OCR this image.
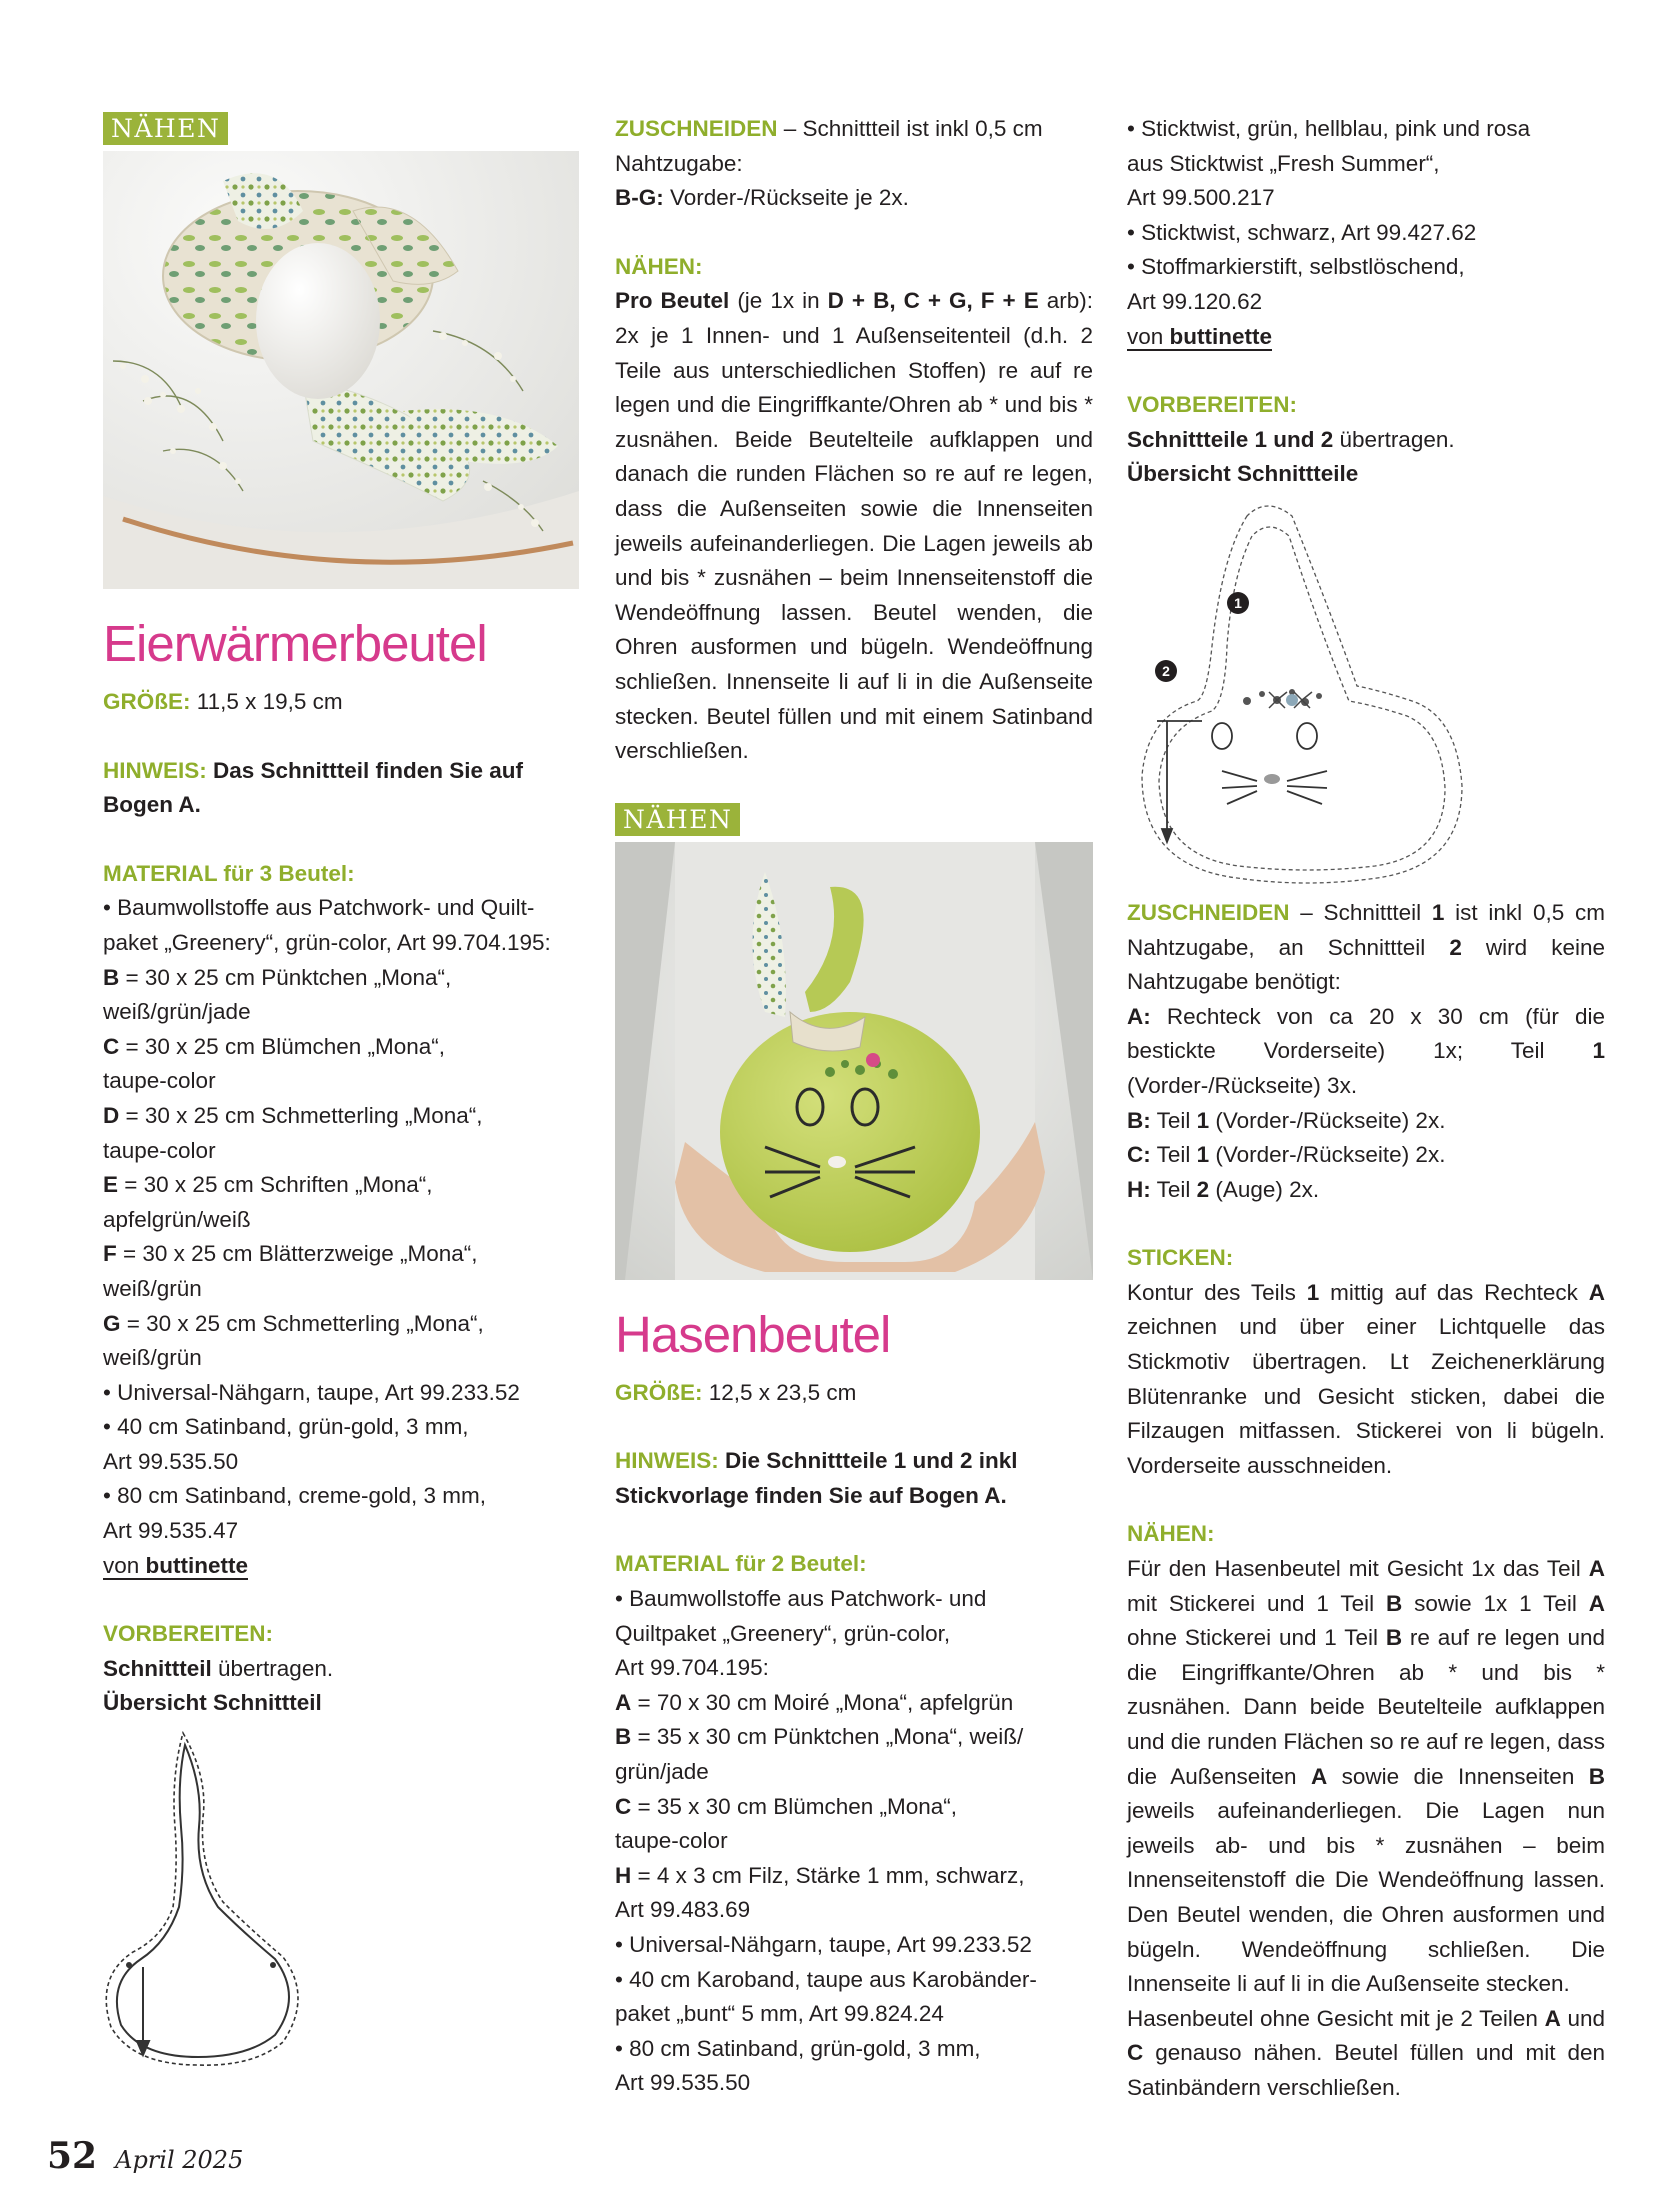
NÄHEN
Eierwärmerbeutel

GRÖßE: 11,5 x 19,5 cm

HINWEIS: Das Schnittteil finden Sie auf
Bogen A.

MATERIAL für 3 Beutel:

• Baumwollstoffe aus Patchwork- und Quilt-

paket „Greenery“, grün-color, Art 99.704.195:

B = 30 x 25 cm Pünktchen „Mona“,
weiß/grün/jade

C = 30 x 25 cm Blümchen „Mona“,
taupe-color

D = 30 x 25 cm Schmetterling „Mona“,
taupe-color

E = 30 x 25 cm Schriften „Mona“,
apfelgrün/weiß

F = 30 x 25 cm Blätterzweige „Mona“,
weiß/grün

G = 30 x 25 cm Schmetterling „Mona“,
weiß/grün

• Universal-Nähgarn, taupe, Art 99.233.52

• 40 cm Satinband, grün-gold, 3 mm,

Art 99.535.50

• 80 cm Satinband, creme-gold, 3 mm,

Art 99.535.47

von buttinette

VORBEREITEN:

Schnittteil übertragen.

Übersicht Schnittteil

ZUSCHNEIDEN – Schnittteil ist inkl 0,5 cm
Nahtzugabe:
B-G: Vorder-/Rückseite je 2x.

NÄHEN:

Pro Beutel (je 1x in D + B, C + G, F + E arb): 2x je 1 Innen- und 1 Außenseitenteil (d.h. 2 Teile aus unterschiedlichen Stoffen) re auf re legen und die Eingriffkante/Ohren ab * und bis * zusnähen. Beide Beutelteile aufklappen und danach die runden Flächen so re auf re legen, dass die Außenseiten sowie die Innenseiten jeweils aufeinanderliegen. Die Lagen jeweils ab und bis * zusnähen – beim Innenseitenstoff die Wendeöffnung lassen. Beutel wenden, die Ohren ausformen und bügeln. Wendeöffnung schließen. Innenseite li auf li in die Außenseite stecken. Beutel füllen und mit einem Satinband verschließen.

NÄHEN
Hasenbeutel

GRÖßE: 12,5 x 23,5 cm

HINWEIS: Die Schnittteile 1 und 2 inkl
Stickvorlage finden Sie auf Bogen A.

MATERIAL für 2 Beutel:

• Baumwollstoffe aus Patchwork- und

Quiltpaket „Greenery“, grün-color,

Art 99.704.195:

A = 70 x 30 cm Moiré „Mona“, apfelgrün

B = 35 x 30 cm Pünktchen „Mona“, weiß/
grün/jade

C = 35 x 30 cm Blümchen „Mona“,
taupe-color

H = 4 x 3 cm Filz, Stärke 1 mm, schwarz,
Art 99.483.69

• Universal-Nähgarn, taupe, Art 99.233.52

• 40 cm Karoband, taupe aus Karobänder-

paket „bunt“ 5 mm, Art 99.824.24

• 80 cm Satinband, grün-gold, 3 mm,

Art 99.535.50

• Sticktwist, grün, hellblau, pink und rosa

aus Sticktwist „Fresh Summer“,

Art 99.500.217

• Sticktwist, schwarz, Art 99.427.62

• Stoffmarkierstift, selbstlöschend,

Art 99.120.62

von buttinette

VORBEREITEN:

Schnittteile 1 und 2 übertragen.

Übersicht Schnittteile

1
2

ZUSCHNEIDEN – Schnittteil 1 ist inkl 0,5 cm Nahtzugabe, an Schnittteil 2 wird keine Nahtzugabe benötigt:
A: Rechteck von ca 20 x 30 cm (für die bestickte Vorderseite) 1x; Teil 1 (Vorder-/Rückseite) 3x.
B: Teil 1 (Vorder-/Rückseite) 2x.
C: Teil 1 (Vorder-/Rückseite) 2x.
H: Teil 2 (Auge) 2x.

STICKEN:

Kontur des Teils 1 mittig auf das Rechteck A zeichnen und über einer Lichtquelle das Stickmotiv übertragen. Lt Zeichenerklärung Blütenranke und Gesicht sticken, dabei die Filzaugen mitfassen. Stickerei von li bügeln. Vorderseite ausschneiden.

NÄHEN:

Für den Hasenbeutel mit Gesicht 1x das Teil A mit Stickerei und 1 Teil B sowie 1x 1 Teil A ohne Stickerei und 1 Teil B re auf re legen und die Eingriffkante/Ohren ab * und bis * zusnähen. Dann beide Beutelteile aufklappen und die runden Flächen so re auf re legen, dass die Außenseiten A sowie die Innenseiten B jeweils aufeinanderliegen. Die Lagen nun jeweils ab- und bis * zusnähen – beim Innenseitenstoff die Die Wendeöffnung lassen. Den Beutel wenden, die Ohren ausformen und bügeln. Wendeöffnung schließen. Die Innenseite li auf li in die Außenseite stecken.
Hasenbeutel ohne Gesicht mit je 2 Teilen A und C genauso nähen. Beutel füllen und mit den Satinbändern verschließen.

52 April 2025
